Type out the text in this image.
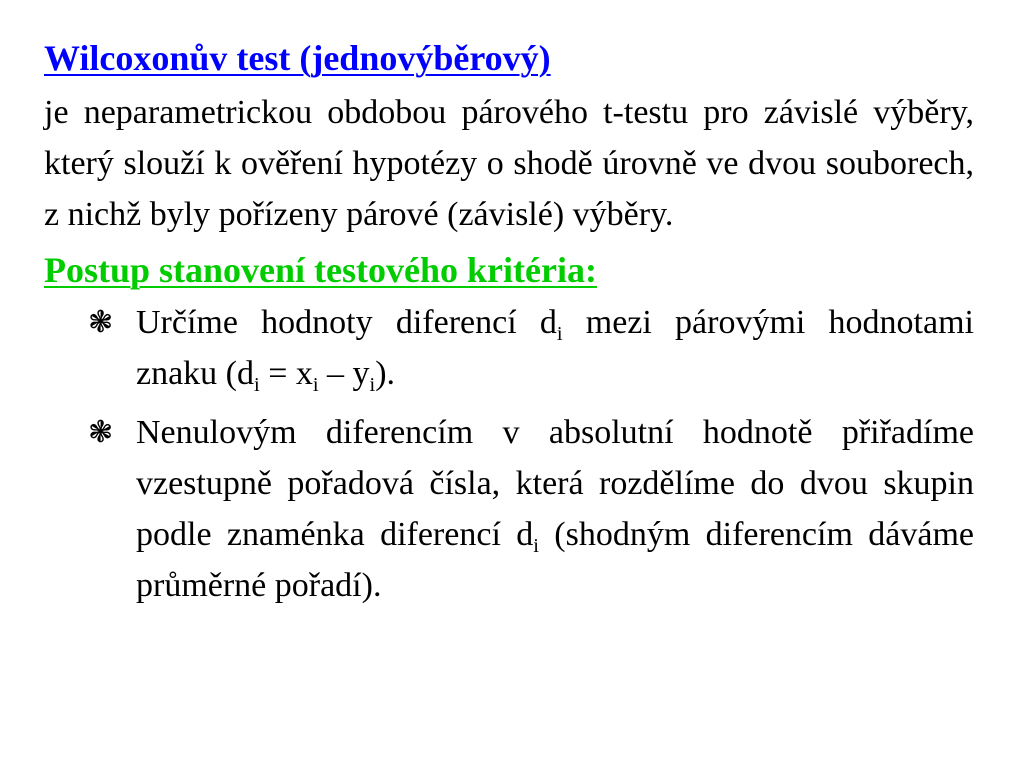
Wilcoxonův test (jednovýběrový)

je neparametrickou obdobou párového t-testu pro závislé výběry, který slouží k ověření hypotézy o shodě úrovně ve dvou souborech, z nichž byly pořízeny párové (závislé) výběry.

Postup stanovení testového kritéria:
❃ Určíme hodnoty diferencí $d_i$ mezi párovými hodnotami znaku $(d_i = x_i - y_i)$.
❃ Nenulovým diferencím v absolutní hodnotě přiřadíme vzestupně pořadová čísla, která rozdělíme do dvou skupin podle znaménka diferencí $d_i$ (shodným diferencím dáváme průměrné pořadí).
